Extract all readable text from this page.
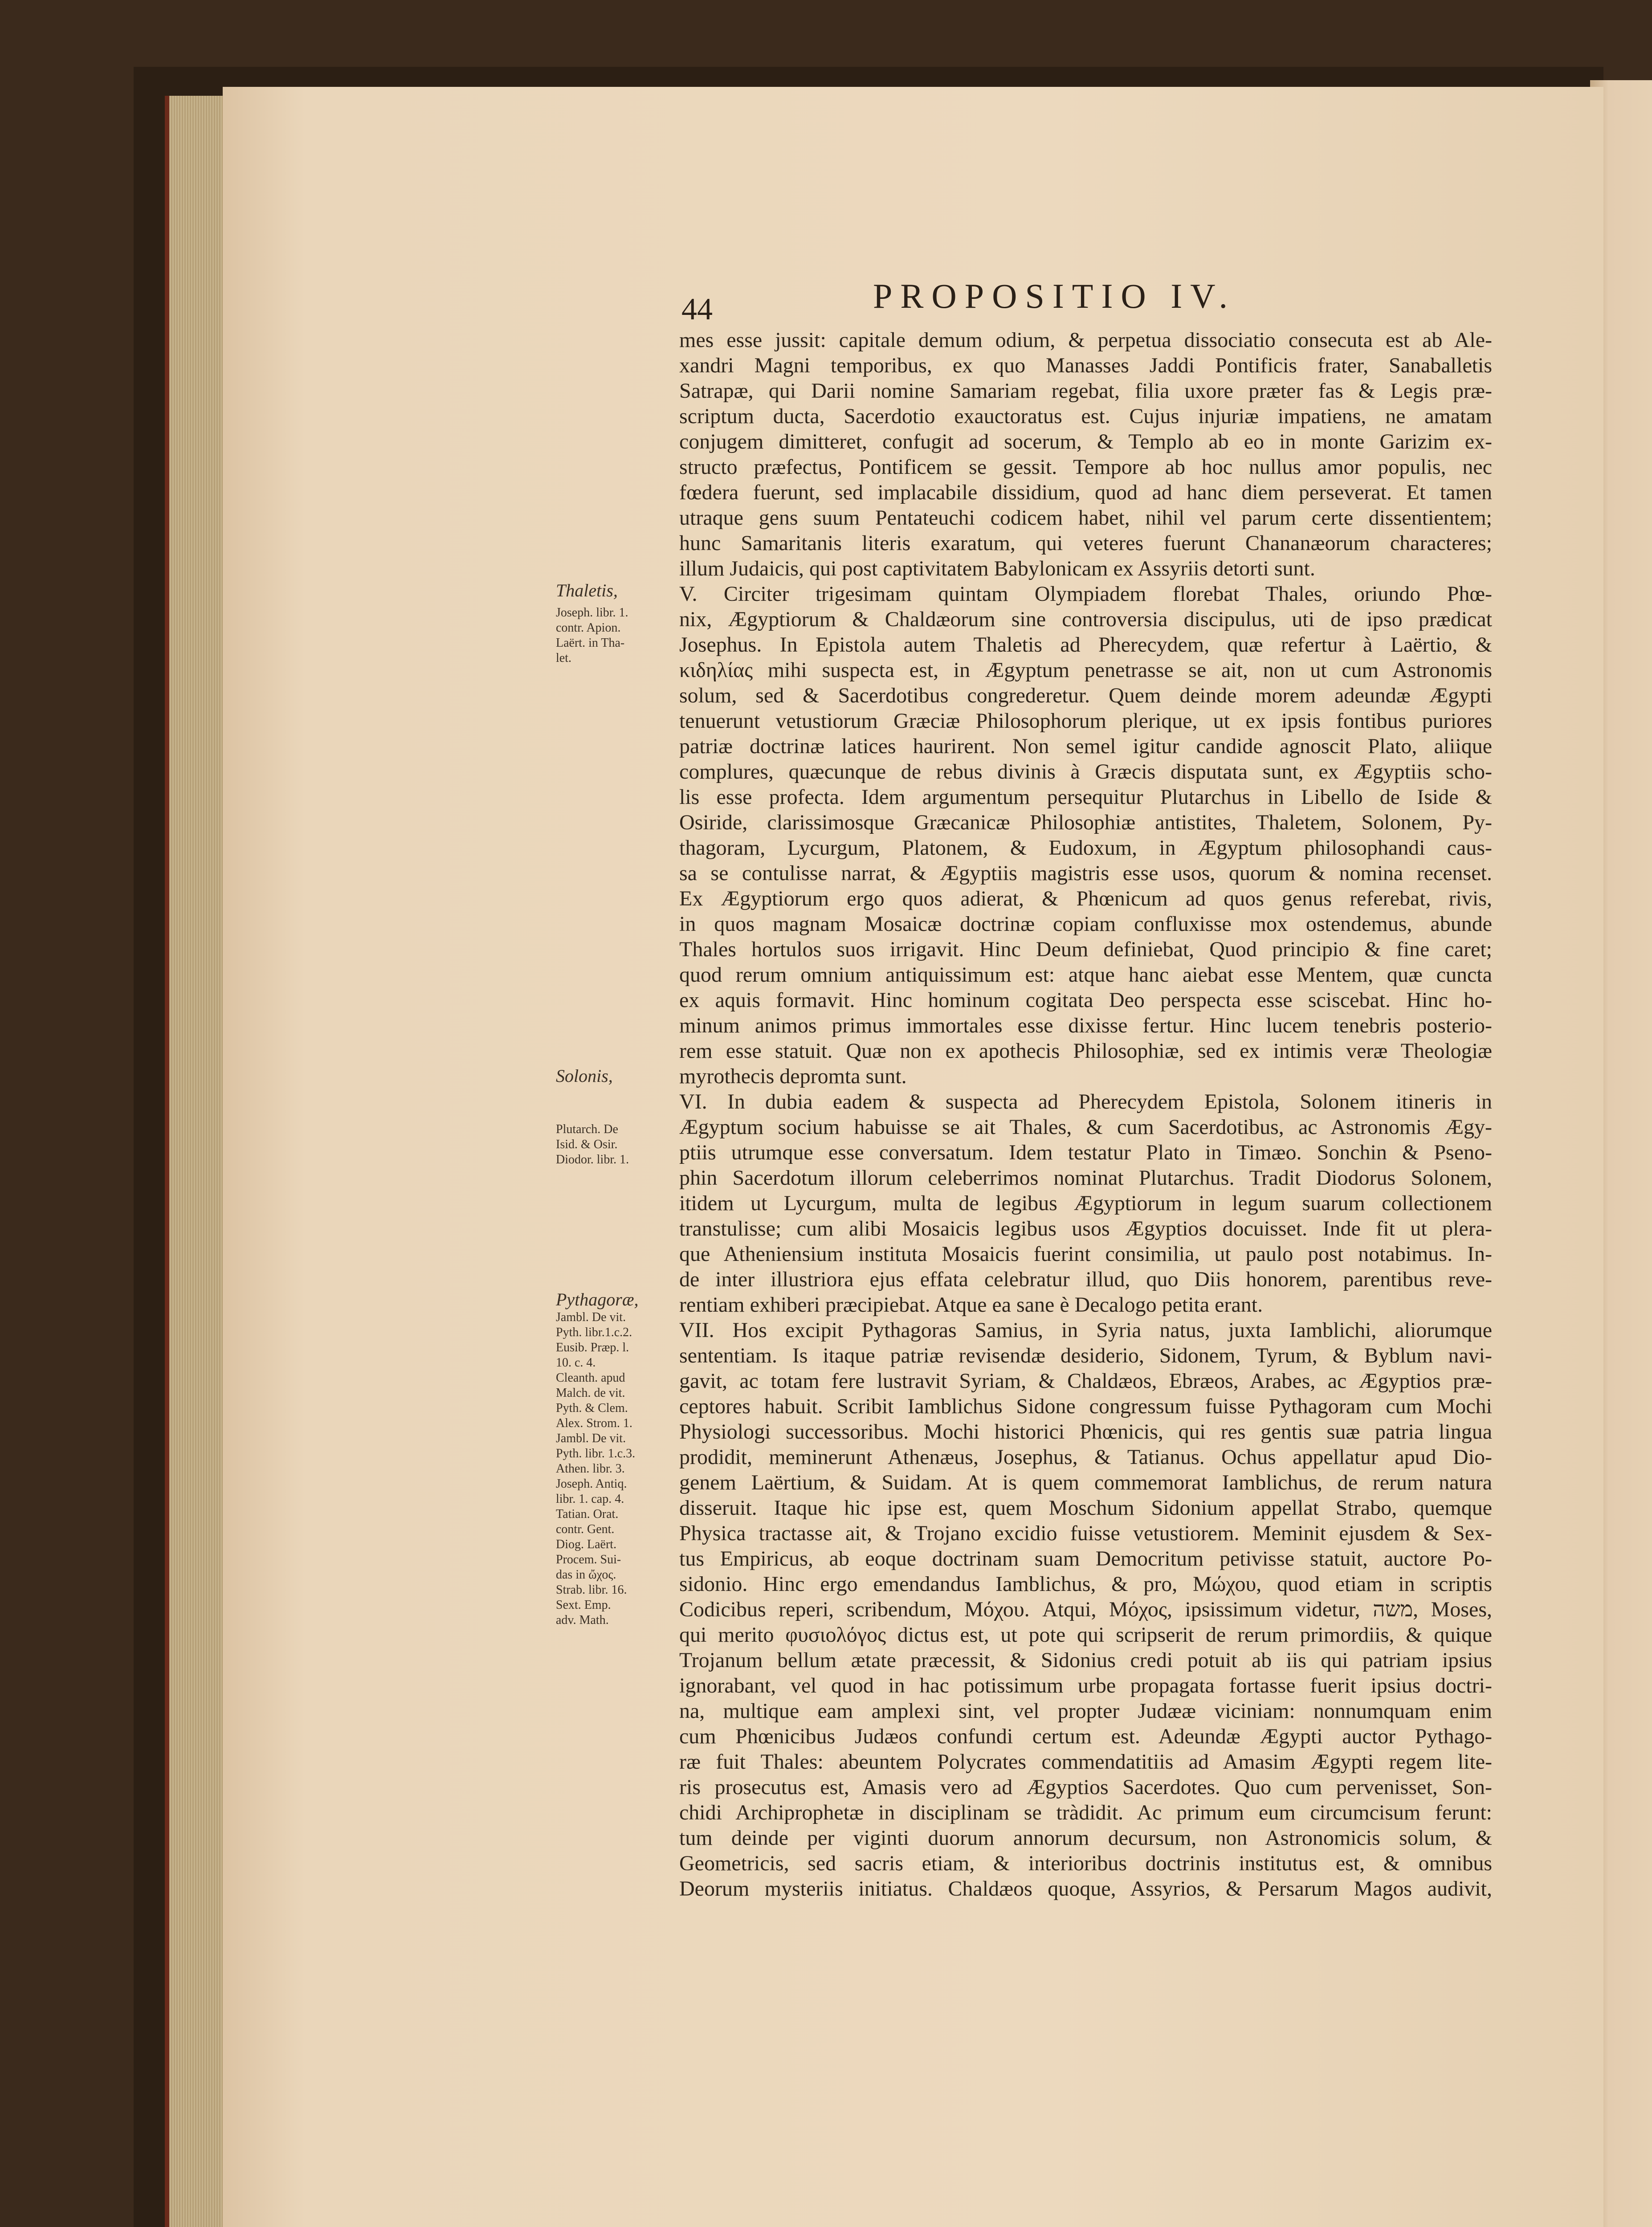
44	PROPOSITIO IV.
Thaletis,
Joseph. libr. 1.
contr. Apion.
Laërt. in Tha-
let.
Solonis,
Plutarch. De
Isid. & Osir.
Diodor. libr. 1.
Pythagoræ,
Jambl. De vit.
Pyth. libr.1.c.2.
Eusib. Præp. l.
10. c. 4.
Cleanth. apud
Malch. de vit.
Pyth. & Clem.
Alex. Strom. 1.
Jambl. De vit.
Pyth. libr. 1.c.3.
Athen. libr. 3.
Joseph. Antiq.
libr. 1. cap. 4.
Tatian. Orat.
contr. Gent.
Diog. Laërt.
Procem. Sui-
das in ὤχος.
Strab. libr. 16.
Sext. Emp.
adv. Math.
mes esse jussit: capitale demum odium, & perpetua dissociatio consecuta est ab Ale-
xandri Magni temporibus, ex quo Manasses Jaddi Pontificis frater, Sanaballetis
Satrapæ, qui Darii nomine Samariam regebat, filia uxore præter fas & Legis præ-
scriptum ducta, Sacerdotio exauctoratus est. Cujus injuriæ impatiens, ne amatam
conjugem dimitteret, confugit ad socerum, & Templo ab eo in monte Garizim ex-
structo præfectus, Pontificem se gessit. Tempore ab hoc nullus amor populis, nec
fœdera fuerunt, sed implacabile dissidium, quod ad hanc diem perseverat. Et tamen
utraque gens suum Pentateuchi codicem habet, nihil vel parum certe dissentientem;
hunc Samaritanis literis exaratum, qui veteres fuerunt Chananæorum characteres;
illum Judaicis, qui post captivitatem Babylonicam ex Assyriis detorti sunt.
V. Circiter trigesimam quintam Olympiadem florebat Thales, oriundo Phœ-
nix, Ægyptiorum & Chaldæorum sine controversia discipulus, uti de ipso prædicat
Josephus. In Epistola autem Thaletis ad Pherecydem, quæ refertur à Laërtio, &
κιδηλίας mihi suspecta est, in Ægyptum penetrasse se ait, non ut cum Astronomis
solum, sed & Sacerdotibus congrederetur. Quem deinde morem adeundæ Ægypti
tenuerunt vetustiorum Græciæ Philosophorum plerique, ut ex ipsis fontibus puriores
patriæ doctrinæ latices haurirent. Non semel igitur candide agnoscit Plato, aliique
complures, quæcunque de rebus divinis à Græcis disputata sunt, ex Ægyptiis scho-
lis esse profecta. Idem argumentum persequitur Plutarchus in Libello de Iside &
Osiride, clarissimosque Græcanicæ Philosophiæ antistites, Thaletem, Solonem, Py-
thagoram, Lycurgum, Platonem, & Eudoxum, in Ægyptum philosophandi caus-
sa se contulisse narrat, & Ægyptiis magistris esse usos, quorum & nomina recenset.
Ex Ægyptiorum ergo quos adierat, & Phœnicum ad quos genus referebat, rivis,
in quos magnam Mosaicæ doctrinæ copiam confluxisse mox ostendemus, abunde
Thales hortulos suos irrigavit. Hinc Deum definiebat, Quod principio & fine caret;
quod rerum omnium antiquissimum est: atque hanc aiebat esse Mentem, quæ cuncta
ex aquis formavit. Hinc hominum cogitata Deo perspecta esse sciscebat. Hinc ho-
minum animos primus immortales esse dixisse fertur. Hinc lucem tenebris posterio-
rem esse statuit. Quæ non ex apothecis Philosophiæ, sed ex intimis veræ Theologiæ
myrothecis depromta sunt.
VI. In dubia eadem & suspecta ad Pherecydem Epistola, Solonem itineris in
Ægyptum socium habuisse se ait Thales, & cum Sacerdotibus, ac Astronomis Ægy-
ptiis utrumque esse conversatum. Idem testatur Plato in Timæo. Sonchin & Pseno-
phin Sacerdotum illorum celeberrimos nominat Plutarchus. Tradit Diodorus Solonem,
itidem ut Lycurgum, multa de legibus Ægyptiorum in legum suarum collectionem
transtulisse; cum alibi Mosaicis legibus usos Ægyptios docuisset. Inde fit ut plera-
que Atheniensium instituta Mosaicis fuerint consimilia, ut paulo post notabimus. In-
de inter illustriora ejus effata celebratur illud, quo Diis honorem, parentibus reve-
rentiam exhiberi præcipiebat. Atque ea sane è Decalogo petita erant.
VII. Hos excipit Pythagoras Samius, in Syria natus, juxta Iamblichi, aliorumque
sententiam. Is itaque patriæ revisendæ desiderio, Sidonem, Tyrum, & Byblum navi-
gavit, ac totam fere lustravit Syriam, & Chaldæos, Ebræos, Arabes, ac Ægyptios præ-
ceptores habuit. Scribit Iamblichus Sidone congressum fuisse Pythagoram cum Mochi
Physiologi successoribus. Mochi historici Phœnicis, qui res gentis suæ patria lingua
prodidit, meminerunt Athenæus, Josephus, & Tatianus. Ochus appellatur apud Dio-
genem Laërtium, & Suidam. At is quem commemorat Iamblichus, de rerum natura
disseruit. Itaque hic ipse est, quem Moschum Sidonium appellat Strabo, quemque
Physica tractasse ait, & Trojano excidio fuisse vetustiorem. Meminit ejusdem & Sex-
tus Empiricus, ab eoque doctrinam suam Democritum petivisse statuit, auctore Po-
sidonio. Hinc ergo emendandus Iamblichus, & pro, Μώχου, quod etiam in scriptis
Codicibus reperi, scribendum, Μόχου. Atqui, Μόχος, ipsissimum videtur, משה, Moses,
qui merito φυσιολόγος dictus est, ut pote qui scripserit de rerum primordiis, & quique
Trojanum bellum ætate præcessit, & Sidonius credi potuit ab iis qui patriam ipsius
ignorabant, vel quod in hac potissimum urbe propagata fortasse fuerit ipsius doctri-
na, multique eam amplexi sint, vel propter Judææ viciniam: nonnumquam enim
cum Phœnicibus Judæos confundi certum est. Adeundæ Ægypti auctor Pythago-
ræ fuit Thales: abeuntem Polycrates commendatitiis ad Amasim Ægypti regem lite-
ris prosecutus est, Amasis vero ad Ægyptios Sacerdotes. Quo cum pervenisset, Son-
chidi Archiprophetæ in disciplinam se tràdidit. Ac primum eum circumcisum ferunt:
tum deinde per viginti duorum annorum decursum, non Astronomicis solum, &
Geometricis, sed sacris etiam, & interioribus doctrinis institutus est, & omnibus
Deorum mysteriis initiatus. Chaldæos quoque, Assyrios, & Persarum Magos audivit,
